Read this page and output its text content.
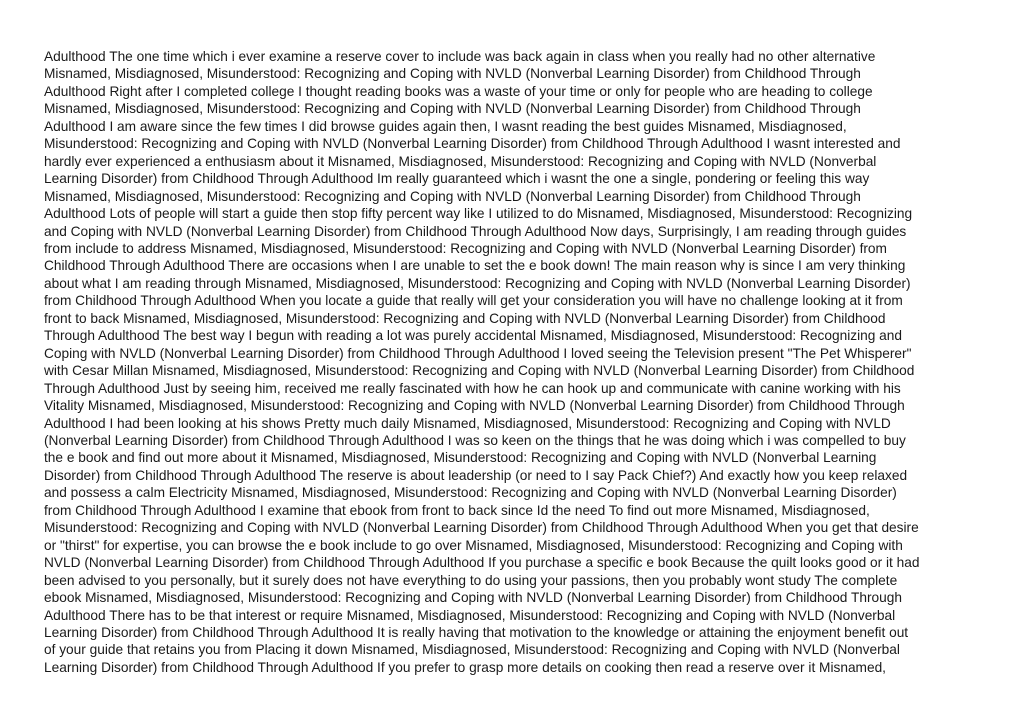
Adulthood The one time which i ever examine a reserve cover to include was back again in class when you really had no other alternative
Misnamed, Misdiagnosed, Misunderstood: Recognizing and Coping with NVLD (Nonverbal Learning Disorder) from Childhood Through
Adulthood Right after I completed college I thought reading books was a waste of your time or only for people who are heading to college
Misnamed, Misdiagnosed, Misunderstood: Recognizing and Coping with NVLD (Nonverbal Learning Disorder) from Childhood Through
Adulthood I am aware since the few times I did browse guides again then, I wasnt reading the best guides Misnamed, Misdiagnosed,
Misunderstood: Recognizing and Coping with NVLD (Nonverbal Learning Disorder) from Childhood Through Adulthood I wasnt interested and
hardly ever experienced a enthusiasm about it Misnamed, Misdiagnosed, Misunderstood: Recognizing and Coping with NVLD (Nonverbal
Learning Disorder) from Childhood Through Adulthood Im really guaranteed which i wasnt the one a single, pondering or feeling this way
Misnamed, Misdiagnosed, Misunderstood: Recognizing and Coping with NVLD (Nonverbal Learning Disorder) from Childhood Through
Adulthood Lots of people will start a guide then stop fifty percent way like I utilized to do Misnamed, Misdiagnosed, Misunderstood: Recognizing
and Coping with NVLD (Nonverbal Learning Disorder) from Childhood Through Adulthood Now days, Surprisingly, I am reading through guides
from include to address Misnamed, Misdiagnosed, Misunderstood: Recognizing and Coping with NVLD (Nonverbal Learning Disorder) from
Childhood Through Adulthood There are occasions when I are unable to set the e book down! The main reason why is since I am very thinking
about what I am reading through Misnamed, Misdiagnosed, Misunderstood: Recognizing and Coping with NVLD (Nonverbal Learning Disorder)
from Childhood Through Adulthood When you locate a guide that really will get your consideration you will have no challenge looking at it from
front to back Misnamed, Misdiagnosed, Misunderstood: Recognizing and Coping with NVLD (Nonverbal Learning Disorder) from Childhood
Through Adulthood The best way I begun with reading a lot was purely accidental Misnamed, Misdiagnosed, Misunderstood: Recognizing and
Coping with NVLD (Nonverbal Learning Disorder) from Childhood Through Adulthood I loved seeing the Television present "The Pet Whisperer"
with Cesar Millan Misnamed, Misdiagnosed, Misunderstood: Recognizing and Coping with NVLD (Nonverbal Learning Disorder) from Childhood
Through Adulthood Just by seeing him, received me really fascinated with how he can hook up and communicate with canine working with his
Vitality Misnamed, Misdiagnosed, Misunderstood: Recognizing and Coping with NVLD (Nonverbal Learning Disorder) from Childhood Through
Adulthood I had been looking at his shows Pretty much daily Misnamed, Misdiagnosed, Misunderstood: Recognizing and Coping with NVLD
(Nonverbal Learning Disorder) from Childhood Through Adulthood I was so keen on the things that he was doing which i was compelled to buy
the e book and find out more about it Misnamed, Misdiagnosed, Misunderstood: Recognizing and Coping with NVLD (Nonverbal Learning
Disorder) from Childhood Through Adulthood The reserve is about leadership (or need to I say Pack Chief?) And exactly how you keep relaxed
and possess a calm Electricity Misnamed, Misdiagnosed, Misunderstood: Recognizing and Coping with NVLD (Nonverbal Learning Disorder)
from Childhood Through Adulthood I examine that ebook from front to back since Id the need To find out more Misnamed, Misdiagnosed,
Misunderstood: Recognizing and Coping with NVLD (Nonverbal Learning Disorder) from Childhood Through Adulthood When you get that desire
or "thirst" for expertise, you can browse the e book include to go over Misnamed, Misdiagnosed, Misunderstood: Recognizing and Coping with
NVLD (Nonverbal Learning Disorder) from Childhood Through Adulthood If you purchase a specific e book Because the quilt looks good or it had
been advised to you personally, but it surely does not have everything to do using your passions, then you probably wont study The complete
ebook Misnamed, Misdiagnosed, Misunderstood: Recognizing and Coping with NVLD (Nonverbal Learning Disorder) from Childhood Through
Adulthood There has to be that interest or require Misnamed, Misdiagnosed, Misunderstood: Recognizing and Coping with NVLD (Nonverbal
Learning Disorder) from Childhood Through Adulthood It is really having that motivation to the knowledge or attaining the enjoyment benefit out
of your guide that retains you from Placing it down Misnamed, Misdiagnosed, Misunderstood: Recognizing and Coping with NVLD (Nonverbal
Learning Disorder) from Childhood Through Adulthood If you prefer to grasp more details on cooking then read a reserve over it Misnamed,
